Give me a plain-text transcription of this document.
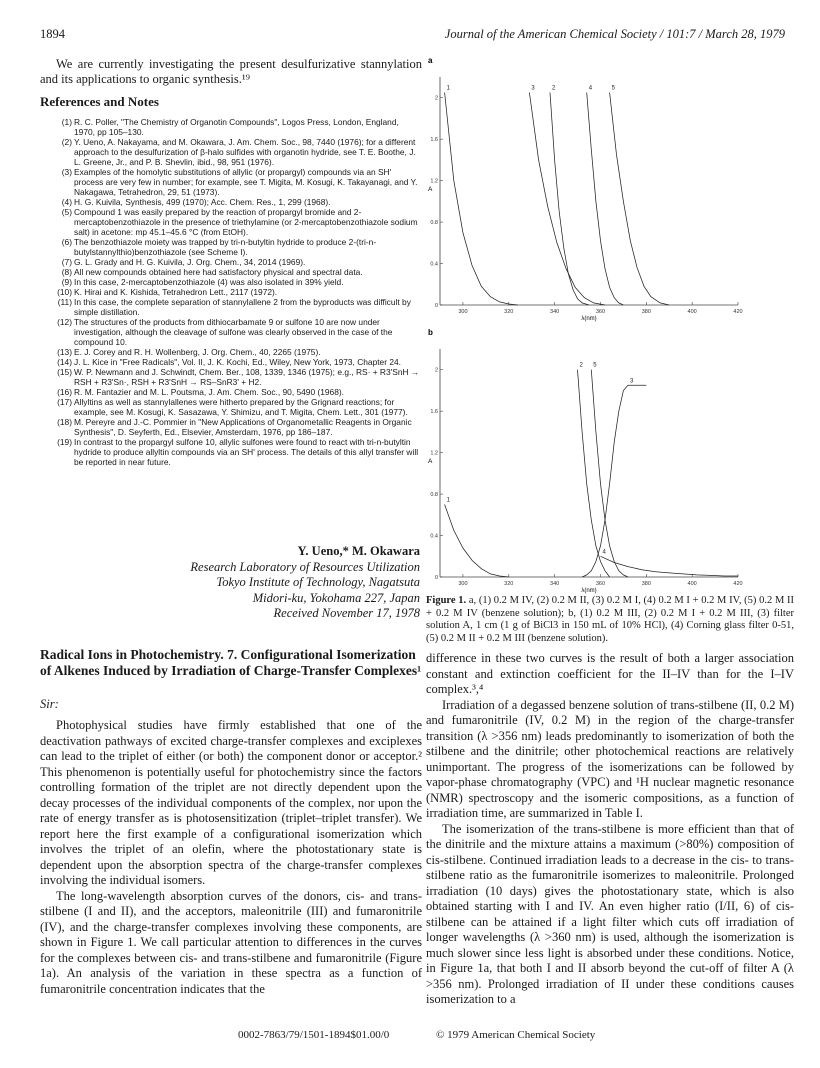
1894	Journal of the American Chemical Society / 101:7 / March 28, 1979

We are currently investigating the present desulfurizative stannylation and its applications to organic synthesis.¹⁹

References and Notes

(1) R. C. Poller, "The Chemistry of Organotin Compounds", Logos Press, London, England, 1970, pp 105–130.

(2) Y. Ueno, A. Nakayama, and M. Okawara, J. Am. Chem. Soc., 98, 7440 (1976); for a different approach to the desulfurization of β-halo sulfides with organotin hydride, see T. E. Boothe, J. L. Greene, Jr., and P. B. Shevlin, ibid., 98, 951 (1976).

(3) Examples of the homolytic substitutions of allylic (or propargyl) compounds via an SH' process are very few in number; for example, see T. Migita, M. Kosugi, K. Takayanagi, and Y. Nakagawa, Tetrahedron, 29, 51 (1973).

(4) H. G. Kuivila, Synthesis, 499 (1970); Acc. Chem. Res., 1, 299 (1968).

(5) Compound 1 was easily prepared by the reaction of propargyl bromide and 2-mercaptobenzothiazole in the presence of triethylamine (or 2-mercaptobenzothiazole sodium salt) in acetone: mp 45.1–45.6 °C (from EtOH).

(6) The benzothiazole moiety was trapped by tri-n-butyltin hydride to produce 2-(tri-n-butylstannylthio)benzothiazole (see Scheme I).

(7) G. L. Grady and H. G. Kuivila, J. Org. Chem., 34, 2014 (1969).

(8) All new compounds obtained here had satisfactory physical and spectral data.

(9) In this case, 2-mercaptobenzothiazole (4) was also isolated in 39% yield.

(10) K. Hirai and K. Kishida, Tetrahedron Lett., 2117 (1972).

(11) In this case, the complete separation of stannylallene 2 from the byproducts was difficult by simple distillation.

(12) The structures of the products from dithiocarbamate 9 or sulfone 10 are now under investigation, although the cleavage of sulfone was clearly observed in the case of the compound 10.

(13) E. J. Corey and R. H. Wollenberg, J. Org. Chem., 40, 2265 (1975).

(14) J. L. Kice in "Free Radicals", Vol. II, J. K. Kochi, Ed., Wiley, New York, 1973, Chapter 24.

(15) W. P. Newmann and J. Schwindt, Chem. Ber., 108, 1339, 1346 (1975); e.g., RS· + R3'SnH → RSH + R3'Sn·, RSH + R3'SnH → RS–SnR3' + H2.

(16) R. M. Fantazier and M. L. Poutsma, J. Am. Chem. Soc., 90, 5490 (1968).

(17) Allyltins as well as stannylallenes were hitherto prepared by the Grignard reactions; for example, see M. Kosugi, K. Sasazawa, Y. Shimizu, and T. Migita, Chem. Lett., 301 (1977).

(18) M. Pereyre and J.-C. Pommier in "New Applications of Organometallic Reagents in Organic Synthesis", D. Seyferth, Ed., Elsevier, Amsterdam, 1976, pp 186–187.

(19) In contrast to the propargyl sulfone 10, allylic sulfones were found to react with tri-n-butyltin hydride to produce allyltin compounds via an SH' process. The details of this allyl transfer will be reported in near future.

Y. Ueno,* M. Okawara
Research Laboratory of Resources Utilization
Tokyo Institute of Technology, Nagatsuta
Midori-ku, Yokohama 227, Japan
Received November 17, 1978
Radical Ions in Photochemistry. 7. Configurational Isomerization of Alkenes Induced by Irradiation of Charge-Transfer Complexes¹
Sir:

Photophysical studies have firmly established that one of the deactivation pathways of excited charge-transfer complexes and exciplexes can lead to the triplet of either (or both) the component donor or acceptor.² This phenomenon is potentially useful for photochemistry since the factors controlling formation of the triplet are not directly dependent upon the decay processes of the individual components of the complex, nor upon the rate of energy transfer as is photosensitization (triplet–triplet transfer). We report here the first example of a configurational isomerization which involves the triplet of an olefin, where the photostationary state is dependent upon the absorption spectra of the charge-transfer complexes involving the individual isomers.

The long-wavelength absorption curves of the donors, cis- and trans-stilbene (I and II), and the acceptors, maleonitrile (III) and fumaronitrile (IV), and the charge-transfer complexes involving these components, are shown in Figure 1. We call particular attention to differences in the curves for the complexes between cis- and trans-stilbene and fumaronitrile (Figure 1a). An analysis of the variation in these spectra as a function of fumaronitrile concentration indicates that the

a
300	320	340	360	380	400	420
0
0.4
0.8
1.2
1.6
2
λ(nm)
A
1	2
3	4	5
b
300	320	340	360	380	400	420
0
0.4
0.8
1.2
1.6
2
λ(nm)
A
1
2
3
4
5
Figure 1. a, (1) 0.2 M IV, (2) 0.2 M II, (3) 0.2 M I, (4) 0.2 M I + 0.2 M IV, (5) 0.2 M II + 0.2 M IV (benzene solution); b, (1) 0.2 M III, (2) 0.2 M I + 0.2 M III, (3) filter solution A, 1 cm (1 g of BiCl3 in 150 mL of 10% HCl), (4) Corning glass filter 0-51, (5) 0.2 M II + 0.2 M III (benzene solution).

difference in these two curves is the result of both a larger association constant and extinction coefficient for the II–IV than for the I–IV complex.³,⁴

Irradiation of a degassed benzene solution of trans-stilbene (II, 0.2 M) and fumaronitrile (IV, 0.2 M) in the region of the charge-transfer transition (λ >356 nm) leads predominantly to isomerization of both the stilbene and the dinitrile; other photochemical reactions are relatively unimportant. The progress of the isomerizations can be followed by vapor-phase chromatography (VPC) and ¹H nuclear magnetic resonance (NMR) spectroscopy and the isomeric compositions, as a function of irradiation time, are summarized in Table I.

The isomerization of the trans-stilbene is more efficient than that of the dinitrile and the mixture attains a maximum (>80%) composition of cis-stilbene. Continued irradiation leads to a decrease in the cis- to trans-stilbene ratio as the fumaronitrile isomerizes to maleonitrile. Prolonged irradiation (10 days) gives the photostationary state, which is also obtained starting with I and IV. An even higher ratio (I/II, 6) of cis-stilbene can be attained if a light filter which cuts off irradiation of longer wavelengths (λ >360 nm) is used, although the isomerization is much slower since less light is absorbed under these conditions. Notice, in Figure 1a, that both I and II absorb beyond the cut-off of filter A (λ >356 nm). Prolonged irradiation of II under these conditions causes isomerization to a

0002-7863/79/1501-1894$01.00/0	© 1979 American Chemical Society
